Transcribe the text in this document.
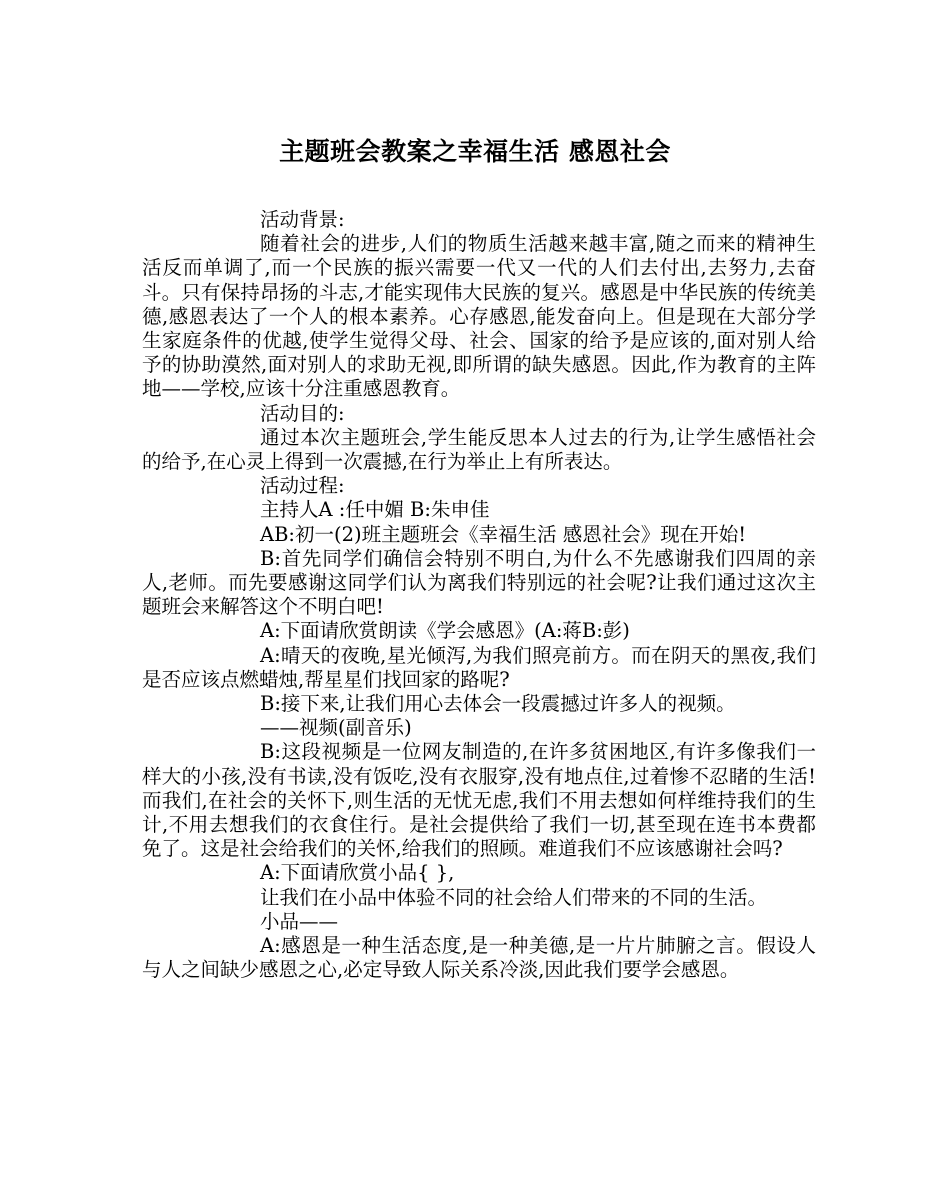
主题班会教案之幸福生活 感恩社会

活动背景:

随着社会的进步,人们的物质生活越来越丰富,随之而来的精神生活反而单调了,而一个民族的振兴需要一代又一代的人们去付出,去努力,去奋斗。只有保持昂扬的斗志,才能实现伟大民族的复兴。感恩是中华民族的传统美德,感恩表达了一个人的根本素养。心存感恩,能发奋向上。但是现在大部分学生家庭条件的优越,使学生觉得父母、社会、国家的给予是应该的,面对别人给予的协助漠然,面对别人的求助无视,即所谓的缺失感恩。因此,作为教育的主阵地——学校,应该十分注重感恩教育。

活动目的:

通过本次主题班会,学生能反思本人过去的行为,让学生感悟社会的给予,在心灵上得到一次震撼,在行为举止上有所表达。

活动过程:

主持人A :任中媚 B:朱申佳

AB:初一(2)班主题班会《幸福生活 感恩社会》现在开始!

B:首先同学们确信会特别不明白,为什么不先感谢我们四周的亲人,老师。而先要感谢这同学们认为离我们特别远的社会呢?让我们通过这次主题班会来解答这个不明白吧!

A:下面请欣赏朗读《学会感恩》(A:蒋B:彭)

A:晴天的夜晚,星光倾泻,为我们照亮前方。而在阴天的黑夜,我们是否应该点燃蜡烛,帮星星们找回家的路呢?

B:接下来,让我们用心去体会一段震撼过许多人的视频。

——视频(副音乐)

B:这段视频是一位网友制造的,在许多贫困地区,有许多像我们一样大的小孩,没有书读,没有饭吃,没有衣服穿,没有地点住,过着惨不忍睹的生活!而我们,在社会的关怀下,则生活的无忧无虑,我们不用去想如何样维持我们的生计,不用去想我们的衣食住行。是社会提供给了我们一切,甚至现在连书本费都免了。这是社会给我们的关怀,给我们的照顾。难道我们不应该感谢社会吗?

A:下面请欣赏小品{ },

让我们在小品中体验不同的社会给人们带来的不同的生活。

小品——

A:感恩是一种生活态度,是一种美德,是一片片肺腑之言。假设人与人之间缺少感恩之心,必定导致人际关系冷淡,因此我们要学会感恩。
